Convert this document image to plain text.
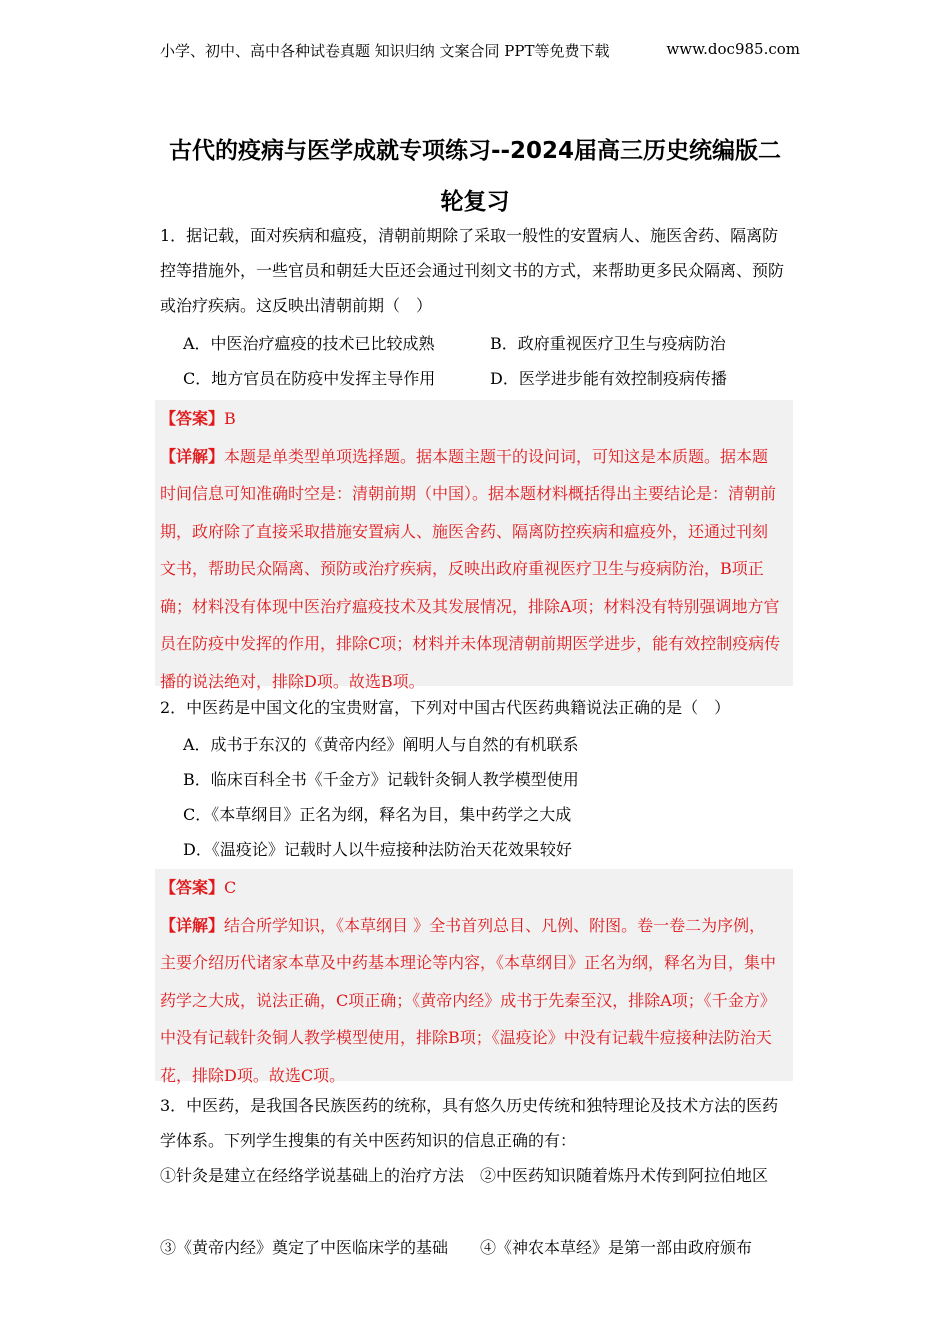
小学、初中、高中各种试卷真题 知识归纳 文案合同 PPT等免费下载	www.doc985.com
古代的疫病与医学成就专项练习--2024届高三历史统编版二
轮复习
1．据记载，面对疾病和瘟疫，清朝前期除了采取一般性的安置病人、施医舍药、隔离防控等措施外，一些官员和朝廷大臣还会通过刊刻文书的方式，来帮助更多民众隔离、预防或治疗疾病。这反映出清朝前期（　）
A．中医治疗瘟疫的技术已比较成熟	B．政府重视医疗卫生与疫病防治
C．地方官员在防疫中发挥主导作用	D．医学进步能有效控制疫病传播

【答案】B

【详解】本题是单类型单项选择题。据本题主题干的设问词，可知这是本质题。据本题时间信息可知准确时空是：清朝前期（中国）。据本题材料概括得出主要结论是：清朝前期，政府除了直接采取措施安置病人、施医舍药、隔离防控疾病和瘟疫外，还通过刊刻文书，帮助民众隔离、预防或治疗疾病，反映出政府重视医疗卫生与疫病防治，B项正确；材料没有体现中医治疗瘟疫技术及其发展情况，排除A项；材料没有特别强调地方官员在防疫中发挥的作用，排除C项；材料并未体现清朝前期医学进步，能有效控制疫病传播的说法绝对，排除D项。故选B项。

2．中医药是中国文化的宝贵财富，下列对中国古代医药典籍说法正确的是（　）
A．成书于东汉的《黄帝内经》阐明人与自然的有机联系
B．临床百科全书《千金方》记载针灸铜人教学模型使用
C．《本草纲目》正名为纲，释名为目，集中药学之大成
D．《温疫论》记载时人以牛痘接种法防治天花效果较好

【答案】C

【详解】结合所学知识，《本草纲目 》全书首列总目、凡例、附图。卷一卷二为序例，主要介绍历代诸家本草及中药基本理论等内容，《本草纲目》正名为纲，释名为目，集中药学之大成，说法正确，C项正确；《黄帝内经》成书于先秦至汉，排除A项；《千金方》中没有记载针灸铜人教学模型使用，排除B项；《温疫论》中没有记载牛痘接种法防治天花，排除D项。故选C项。

3．中医药，是我国各民族医药的统称，具有悠久历史传统和独特理论及技术方法的医药学体系。下列学生搜集的有关中医药知识的信息正确的有：
①针灸是建立在经络学说基础上的治疗方法　②中医药知识随着炼丹术传到阿拉伯地区
③《黄帝内经》奠定了中医临床学的基础　　④《神农本草经》是第一部由政府颁布
